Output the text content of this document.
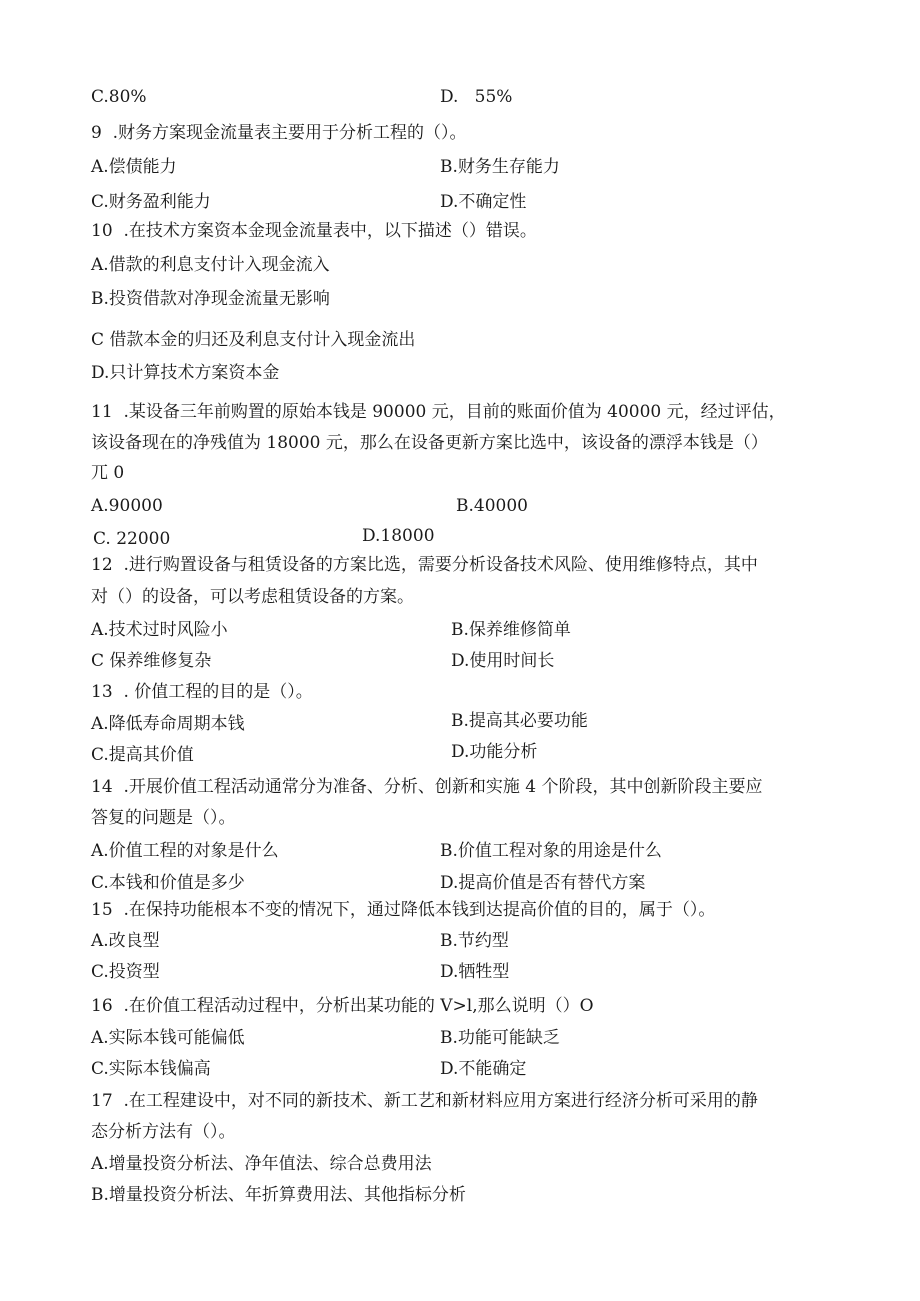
C.80%	D.   55%
9  .财务方案现金流量表主要用于分析工程的（）。
A.偿债能力	B.财务生存能力
C.财务盈利能力	D.不确定性
10  .在技术方案资本金现金流量表中，以下描述（）错误。
A.借款的利息支付计入现金流入
B.投资借款对净现金流量无影响
C 借款本金的归还及利息支付计入现金流出
D.只计算技术方案资本金
11  .某设备三年前购置的原始本钱是 90000 元，目前的账面价值为 40000 元，经过评估，
该设备现在的净残值为 18000 元，那么在设备更新方案比选中，该设备的漂浮本钱是（）
兀 0
A.90000	B.40000
C. 22000	D.18000
12  .进行购置设备与租赁设备的方案比选，需要分析设备技术风险、使用维修特点，其中
对（）的设备，可以考虑租赁设备的方案。
A.技术过时风险小	B.保养维修简单
C 保养维修复杂	D.使用时间长
13  . 价值工程的目的是（）。
A.降低寿命周期本钱	B.提高其必要功能
C.提高其价值	D.功能分析
14  .开展价值工程活动通常分为准备、分析、创新和实施 4 个阶段，其中创新阶段主要应
答复的问题是（）。
A.价值工程的对象是什么	B.价值工程对象的用途是什么
C.本钱和价值是多少	D.提高价值是否有替代方案
15  .在保持功能根本不变的情况下，通过降低本钱到达提高价值的目的，属于（）。
A.改良型	B.节约型
C.投资型	D.牺牲型
16  .在价值工程活动过程中，分析出某功能的 V>l,那么说明（）O
A.实际本钱可能偏低	B.功能可能缺乏
C.实际本钱偏高	D.不能确定
17  .在工程建设中，对不同的新技术、新工艺和新材料应用方案进行经济分析可采用的静
态分析方法有（）。
A.增量投资分析法、净年值法、综合总费用法
B.增量投资分析法、年折算费用法、其他指标分析
